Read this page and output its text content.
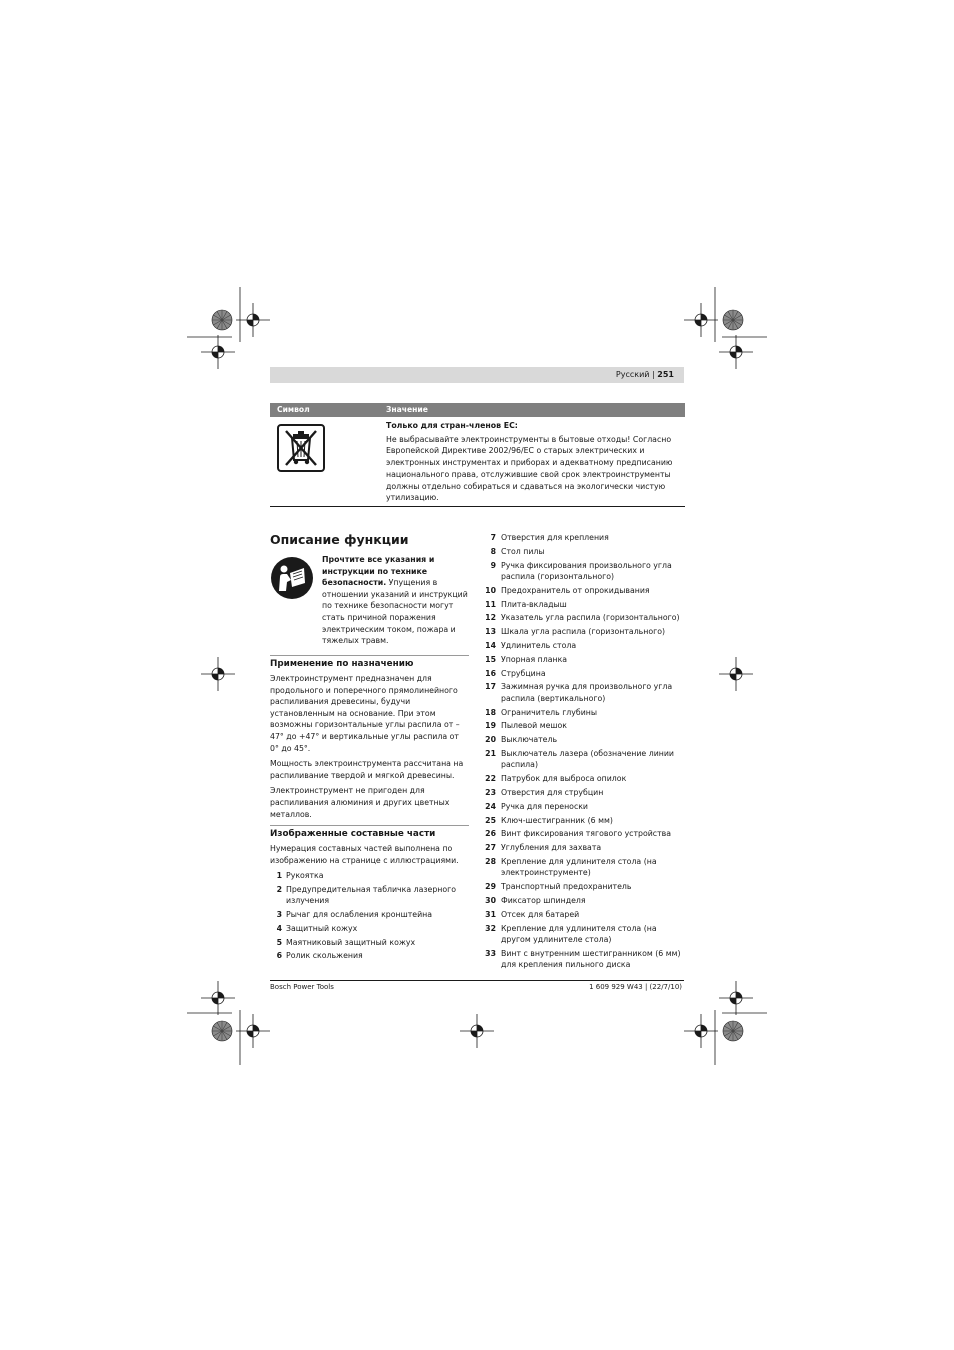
Русский | 251
Символ	Значение
Только для стран-членов ЕС:
Не выбрасывайте электроинструменты в бытовые отходы! Согласно Европейской Директиве 2002/96/ЕС о старых электрических и электронных инструментах и приборах и адекватному предписанию национального права, отслужившие свой срок электроинструменты должны отдельно собираться и сдаваться на экологически чистую утилизацию.
Описание функции
Прочтите все указания и инструкции по технике безопасности. Упущения в отношении указаний и инструкций по технике безопасности могут стать причиной поражения электрическим током, пожара и тяжелых травм.
Применение по назначению

Электроинструмент предназначен для продольного и поперечного прямолинейного распиливания древесины, будучи установленным на основание. При этом возможны горизонтальные углы распила от –47° до +47° и вертикальные углы распила от 0° до 45°.

Мощность электроинструмента рассчитана на распиливание твердой и мягкой древесины.

Электроинструмент не пригоден для распиливания алюминия и других цветных металлов.

Изображенные составные части

Нумерация составных частей выполнена по изображению на странице с иллюстрациями.

1 Рукоятка
2 Предупредительная табличка лазерного излучения
3 Рычаг для ослабления кронштейна
4 Защитный кожух
5 Маятниковый защитный кожух
6 Ролик скольжения
7 Отверстия для крепления
8 Стол пилы
9 Ручка фиксирования произвольного угла распила (горизонтального)
10 Предохранитель от опрокидывания
11 Плита-вкладыш
12 Указатель угла распила (горизонтального)
13 Шкала угла распила (горизонтального)
14 Удлинитель стола
15 Упорная планка
16 Струбцина
17 Зажимная ручка для произвольного угла распила (вертикального)
18 Ограничитель глубины
19 Пылевой мешок
20 Выключатель
21 Выключатель лазера (обозначение линии распила)
22 Патрубок для выброса опилок
23 Отверстия для струбцин
24 Ручка для переноски
25 Ключ-шестигранник (6 мм)
26 Винт фиксирования тягового устройства
27 Углубления для захвата
28 Крепление для удлинителя стола (на электроинструменте)
29 Транспортный предохранитель
30 Фиксатор шпинделя
31 Отсек для батарей
32 Крепление для удлинителя стола (на другом удлинителе стола)
33 Винт с внутренним шестигранником (6 мм) для крепления пильного диска
Bosch Power Tools	1 609 929 W43 | (22/7/10)
